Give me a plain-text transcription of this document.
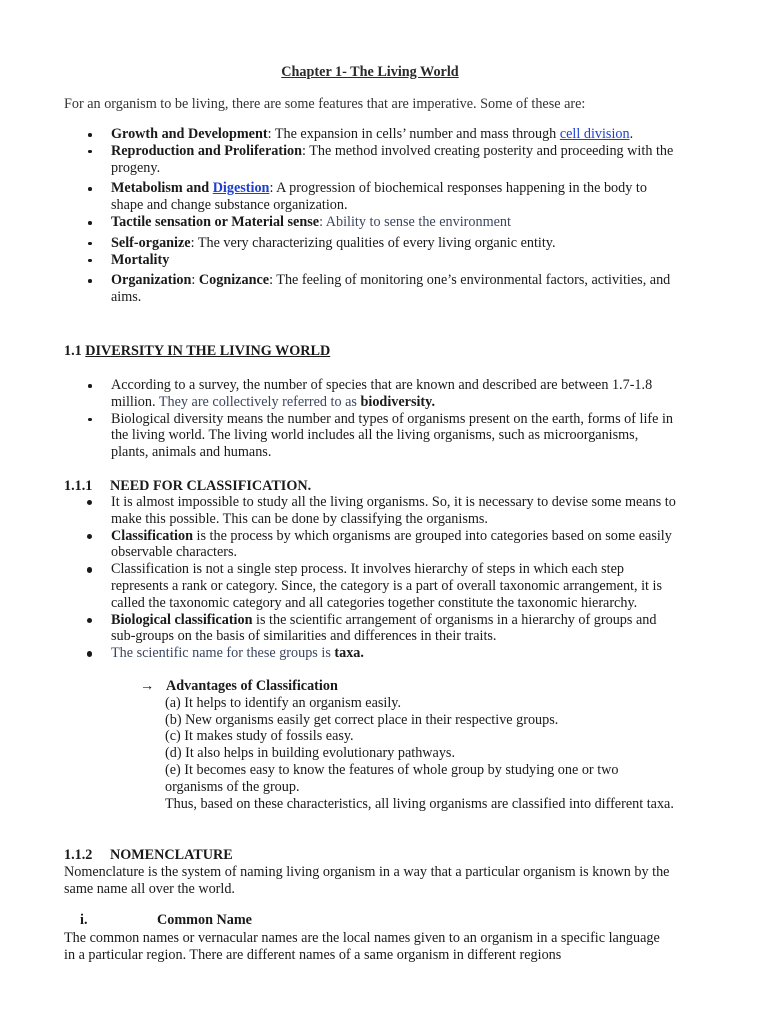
Chapter 1- The Living World
For an organism to be living, there are some features that are imperative. Some of these are:
Growth and Development: The expansion in cells’ number and mass through cell division.
Reproduction and Proliferation: The method involved creating posterity and proceeding with the progeny.
Metabolism and Digestion: A progression of biochemical responses happening in the body to shape and change substance organization.
Tactile sensation or Material sense: Ability to sense the environment
Self-organize: The very characterizing qualities of every living organic entity.
Mortality
Organization: Cognizance: The feeling of monitoring one’s environmental factors, activities, and aims.
1.1 DIVERSITY IN THE LIVING WORLD
According to a survey, the number of species that are known and described are between 1.7-1.8 million. They are collectively referred to as biodiversity.
Biological diversity means the number and types of organisms present on the earth, forms of life in the living world. The living world includes all the living organisms, such as microorganisms, plants, animals and humans.
1.1.1 NEED FOR CLASSIFICATION.
It is almost impossible to study all the living organisms. So, it is necessary to devise some means to make this possible. This can be done by classifying the organisms.
Classification is the process by which organisms are grouped into categories based on some easily observable characters.
Classification is not a single step process. It involves hierarchy of steps in which each step represents a rank or category. Since, the category is a part of overall taxonomic arrangement, it is called the taxonomic category and all categories together constitute the taxonomic hierarchy.
Biological classification is the scientific arrangement of organisms in a hierarchy of groups and sub-groups on the basis of similarities and differences in their traits.
The scientific name for these groups is taxa.
→ Advantages of Classification
(a) It helps to identify an organism easily.
(b) New organisms easily get correct place in their respective groups.
(c) It makes study of fossils easy.
(d) It also helps in building evolutionary pathways.
(e) It becomes easy to know the features of whole group by studying one or two organisms of the group.
Thus, based on these characteristics, all living organisms are classified into different taxa.
1.1.2 NOMENCLATURE
Nomenclature is the system of naming living organism in a way that a particular organism is known by the same name all over the world.
i.	Common Name
The common names or vernacular names are the local names given to an organism in a specific language in a particular region. There are different names of a same organism in different regions
